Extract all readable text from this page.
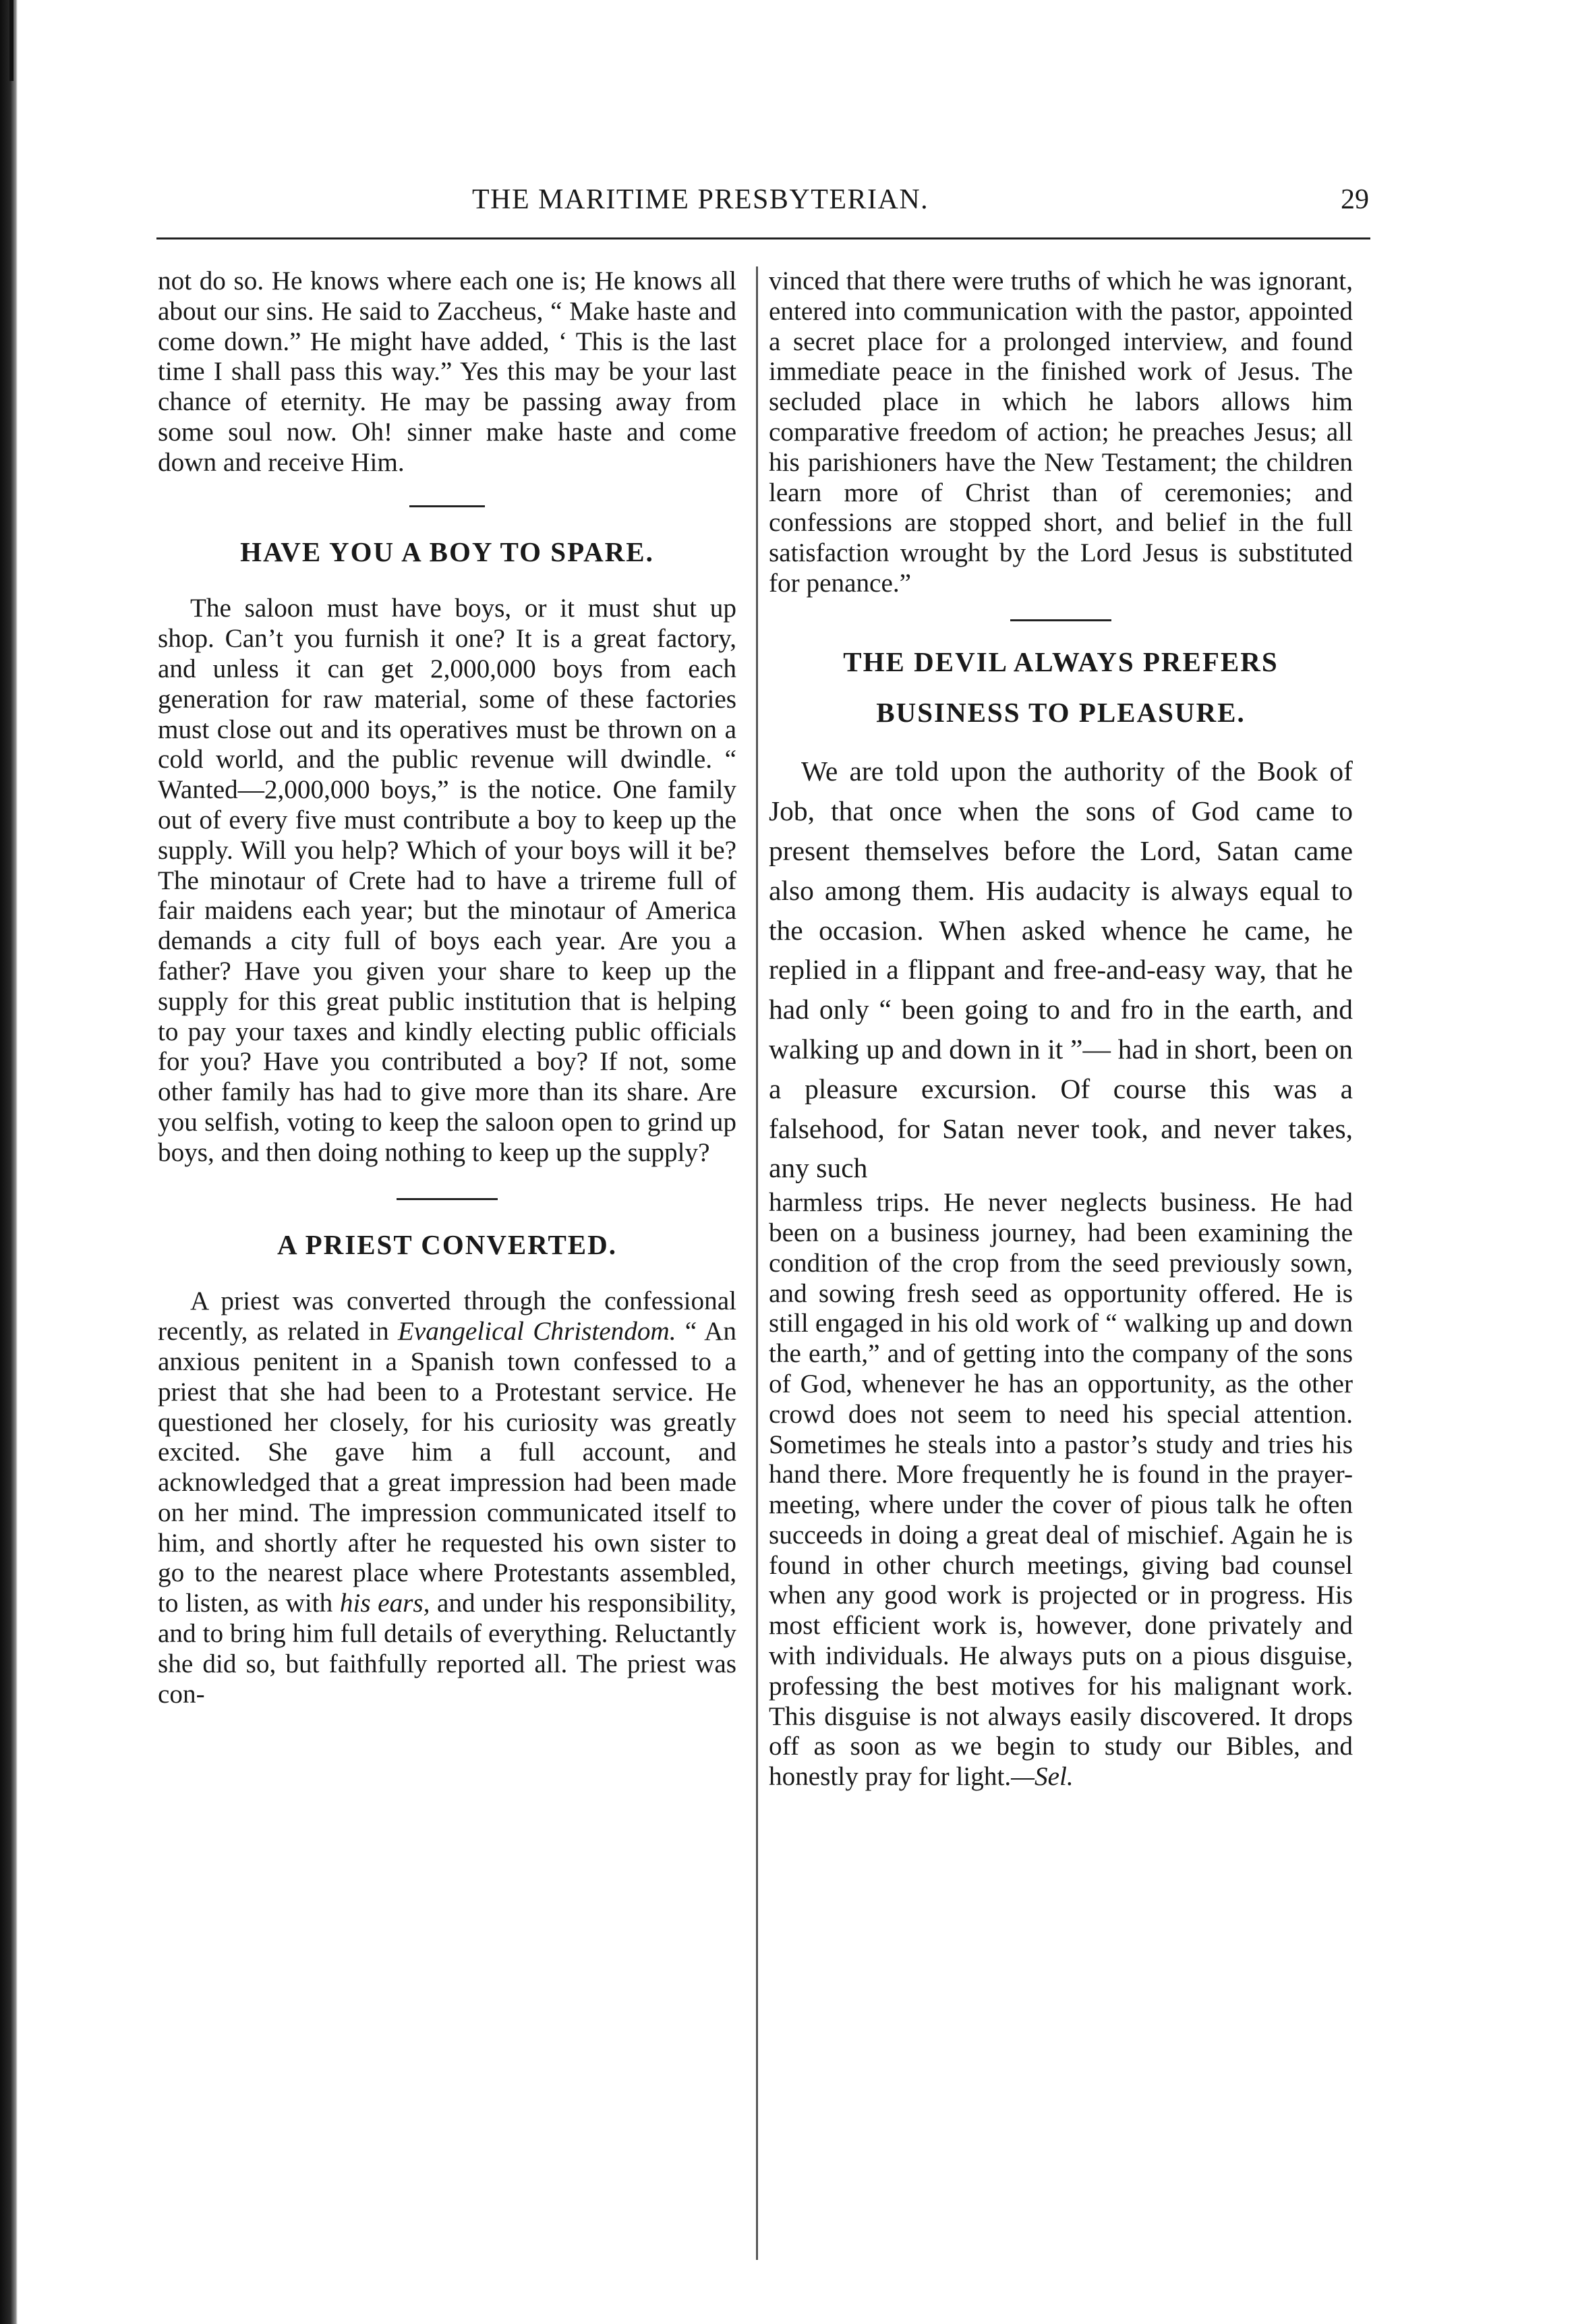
THE MARITIME PRESBYTERIAN.	29

not do so. He knows where each one is; He knows all about our sins. He said to Zaccheus, “ Make haste and come down.” He might have added, ‘ This is the last time I shall pass this way.” Yes this may be your last chance of eternity. He may be passing away from some soul now. Oh! sinner make haste and come down and receive Him.

HAVE YOU A BOY TO SPARE.

The saloon must have boys, or it must shut up shop. Can’t you furnish it one? It is a great factory, and unless it can get 2,000,000 boys from each generation for raw material, some of these factories must close out and its operatives must be thrown on a cold world, and the public revenue will dwindle. “ Wanted—2,000,000 boys,” is the notice. One family out of every five must contribute a boy to keep up the supply. Will you help? Which of your boys will it be? The minotaur of Crete had to have a trireme full of fair maidens each year; but the minotaur of America demands a city full of boys each year. Are you a father? Have you given your share to keep up the supply for this great public institution that is helping to pay your taxes and kindly electing public officials for you? Have you contributed a boy? If not, some other family has had to give more than its share. Are you selfish, voting to keep the saloon open to grind up boys, and then doing nothing to keep up the supply?

A PRIEST CONVERTED.

A priest was converted through the confessional recently, as related in Evangelical Christendom. “ An anxious penitent in a Spanish town confessed to a priest that she had been to a Protestant service. He questioned her closely, for his curiosity was greatly excited. She gave him a full account, and acknowledged that a great impression had been made on her mind. The impression communicated itself to him, and shortly after he requested his own sister to go to the nearest place where Protestants assembled, to listen, as with his ears, and under his responsibility, and to bring him full details of everything. Reluctantly she did so, but faithfully reported all. The priest was con-

vinced that there were truths of which he was ignorant, entered into communication with the pastor, appointed a secret place for a prolonged interview, and found immediate peace in the finished work of Jesus. The secluded place in which he labors allows him comparative freedom of action; he preaches Jesus; all his parishioners have the New Testament; the children learn more of Christ than of ceremonies; and confessions are stopped short, and belief in the full satisfaction wrought by the Lord Jesus is substituted for penance.”

THE DEVIL ALWAYS PREFERS
BUSINESS TO PLEASURE.

We are told upon the authority of the Book of Job, that once when the sons of God came to present themselves before the Lord, Satan came also among them. His audacity is always equal to the occasion. When asked whence he came, he replied in a flippant and free-and-easy way, that he had only “ been going to and fro in the earth, and walking up and down in it ”— had in short, been on a pleasure excursion. Of course this was a falsehood, for Satan never took, and never takes, any such

harmless trips. He never neglects business. He had been on a business journey, had been examining the condition of the crop from the seed previously sown, and sowing fresh seed as opportunity offered. He is still engaged in his old work of “ walking up and down the earth,” and of getting into the company of the sons of God, whenever he has an opportunity, as the other crowd does not seem to need his special attention. Sometimes he steals into a pastor’s study and tries his hand there. More frequently he is found in the prayer-meeting, where under the cover of pious talk he often succeeds in doing a great deal of mischief. Again he is found in other church meetings, giving bad counsel when any good work is projected or in progress. His most efficient work is, however, done privately and with individuals. He always puts on a pious disguise, professing the best motives for his malignant work. This disguise is not always easily discovered. It drops off as soon as we begin to study our Bibles, and honestly pray for light.—Sel.
